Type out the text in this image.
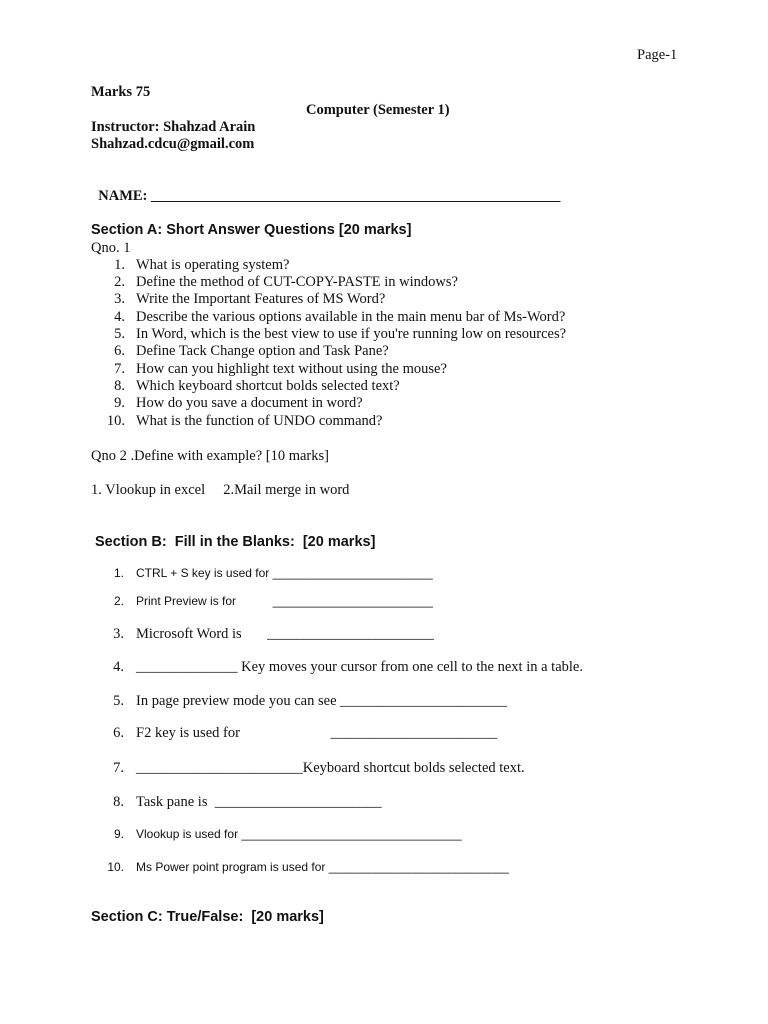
Page-1
Marks 75
Computer (Semester 1)
Instructor: Shahzad Arain
Shahzad.cdcu@gmail.com

NAME: _______________________________________________________________

Section A: Short Answer Questions [20 marks]
Qno. 1

1. What is operating system?

2. Define the method of CUT-COPY-PASTE in windows?

3. Write the Important Features of MS Word?

4. Describe the various options available in the main menu bar of Ms-Word?

5. In Word, which is the best view to use if you're running low on resources?

6. Define Tack Change option and Task Pane?

7. How can you highlight text without using the mouse?

8. Which keyboard shortcut bolds selected text?

9. How do you save a document in word?

10. What is the function of UNDO command?

Qno 2 .Define with example? [10 marks]
1. Vlookup in excel     2.Mail merge in word
Section B:  Fill in the Blanks:  [20 marks]

1. CTRL + S key is used for ________________________

2. Print Preview is for           ________________________

3. Microsoft Word is       _______________________

4. ______________ Key moves your cursor from one cell to the next in a table.

5. In page preview mode you can see _______________________

6. F2 key is used for                         _______________________

7. _______________________Keyboard shortcut bolds selected text.

8. Task pane is  _______________________

9. Vlookup is used for _________________________________

10. Ms Power point program is used for ___________________________

Section C: True/False:  [20 marks]
